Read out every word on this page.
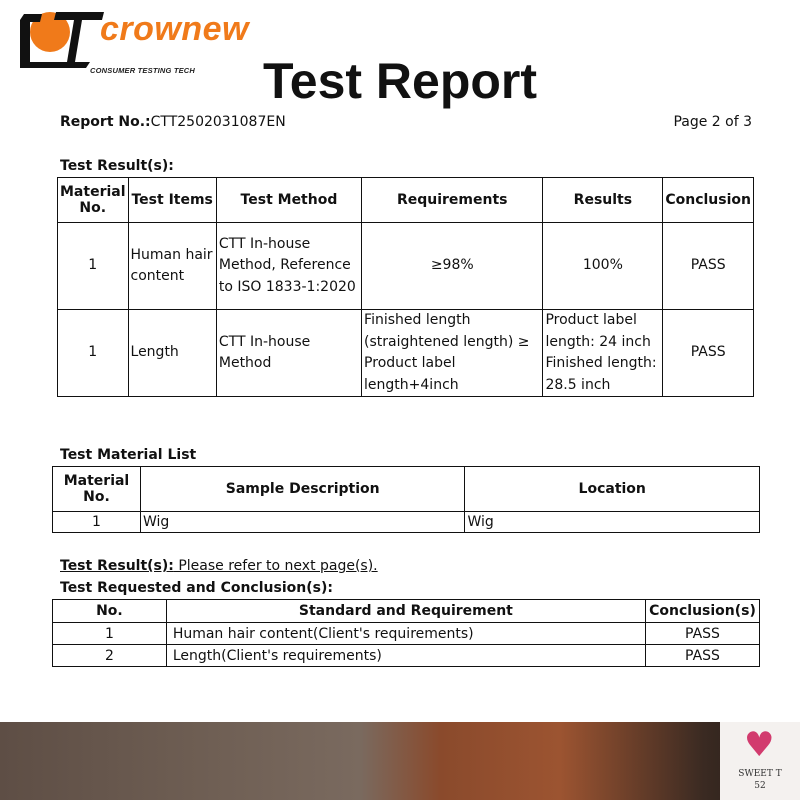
crownew
CONSUMER TESTING TECH	Test Report
Report No.:CTT2502031087EN	Page 2 of 3
Test Result(s):
Material No.	Test Items	Test Method	Requirements	Results	Conclusion
1	Human hair content	CTT In-house Method, Reference to ISO 1833-1:2020	≥98%	100%	PASS
1	Length	CTT In-house Method	Finished length (straightened length) ≥ Product label length+4inch	Product label length: 24 inch Finished length: 28.5 inch	PASS
Test Material List
Material No.	Sample Description	Location
1	Wig	Wig
Test Result(s): Please refer to next page(s).
Test Requested and Conclusion(s):
No.	Standard and Requirement	Conclusion(s)
1	Human hair content(Client's requirements)	PASS
2	Length(Client's requirements)	PASS
♥
SWEET T
52
